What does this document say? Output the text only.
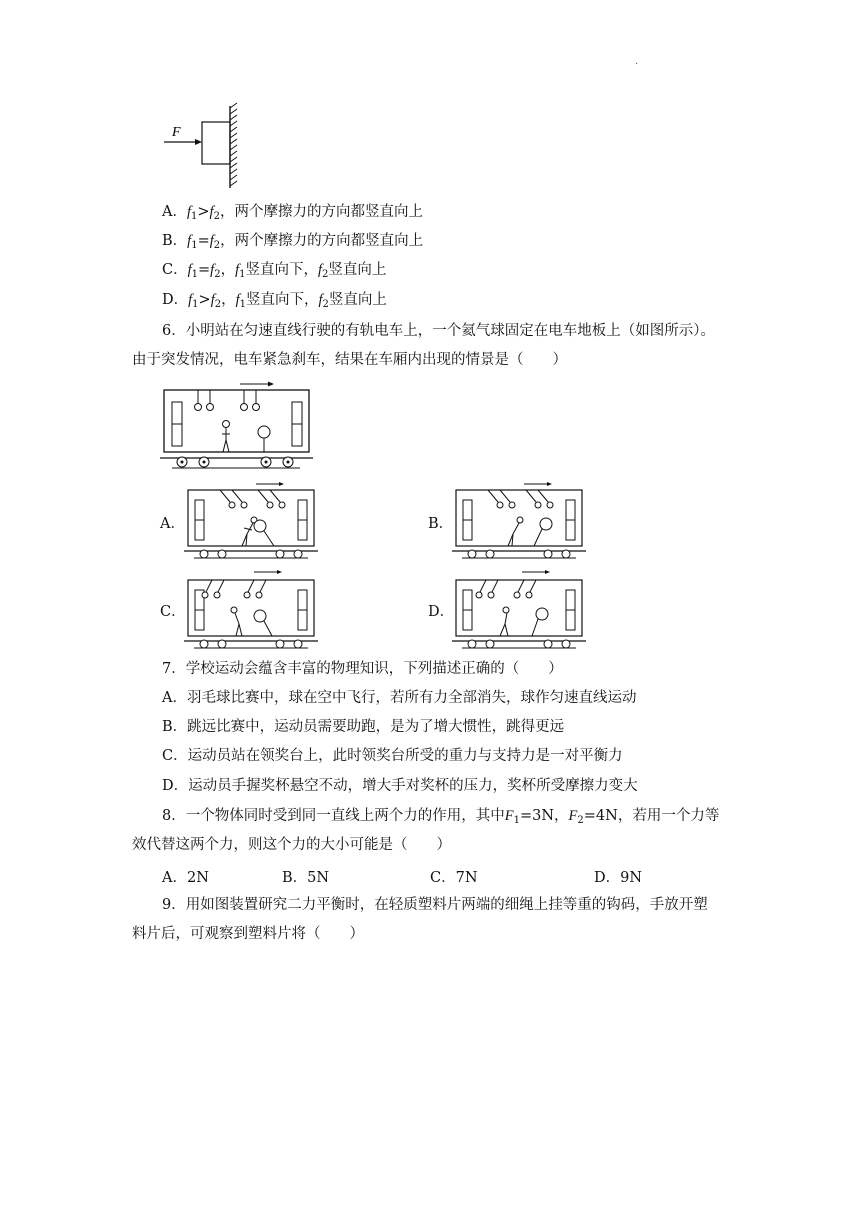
.
F
A．$f_1>f_2$，两个摩擦力的方向都竖直向上
B．$f_1=f_2$，两个摩擦力的方向都竖直向上
C．$f_1=f_2$，$f_1$竖直向下，$f_2$竖直向上
D．$f_1>f_2$，$f_1$竖直向下，$f_2$竖直向上
6．小明站在匀速直线行驶的有轨电车上，一个氦气球固定在电车地板上（如图所示）。
由于突发情况，电车紧急刹车，结果在车厢内出现的情景是（　　）
A．	B．
C．	D．
7．学校运动会蕴含丰富的物理知识，下列描述正确的（　　）
A．羽毛球比赛中，球在空中飞行，若所有力全部消失，球作匀速直线运动
B．跳远比赛中，运动员需要助跑，是为了增大惯性，跳得更远
C．运动员站在领奖台上，此时领奖台所受的重力与支持力是一对平衡力
D．运动员手握奖杯悬空不动，增大手对奖杯的压力，奖杯所受摩擦力变大
8．一个物体同时受到同一直线上两个力的作用，其中$F_1=3N$，$F_2=4N$，若用一个力等
效代替这两个力，则这个力的大小可能是（　　）
A．2N	B．5N	C．7N	D．9N
9．用如图装置研究二力平衡时，在轻质塑料片两端的细绳上挂等重的钩码，手放开塑
料片后，可观察到塑料片将（　　）
